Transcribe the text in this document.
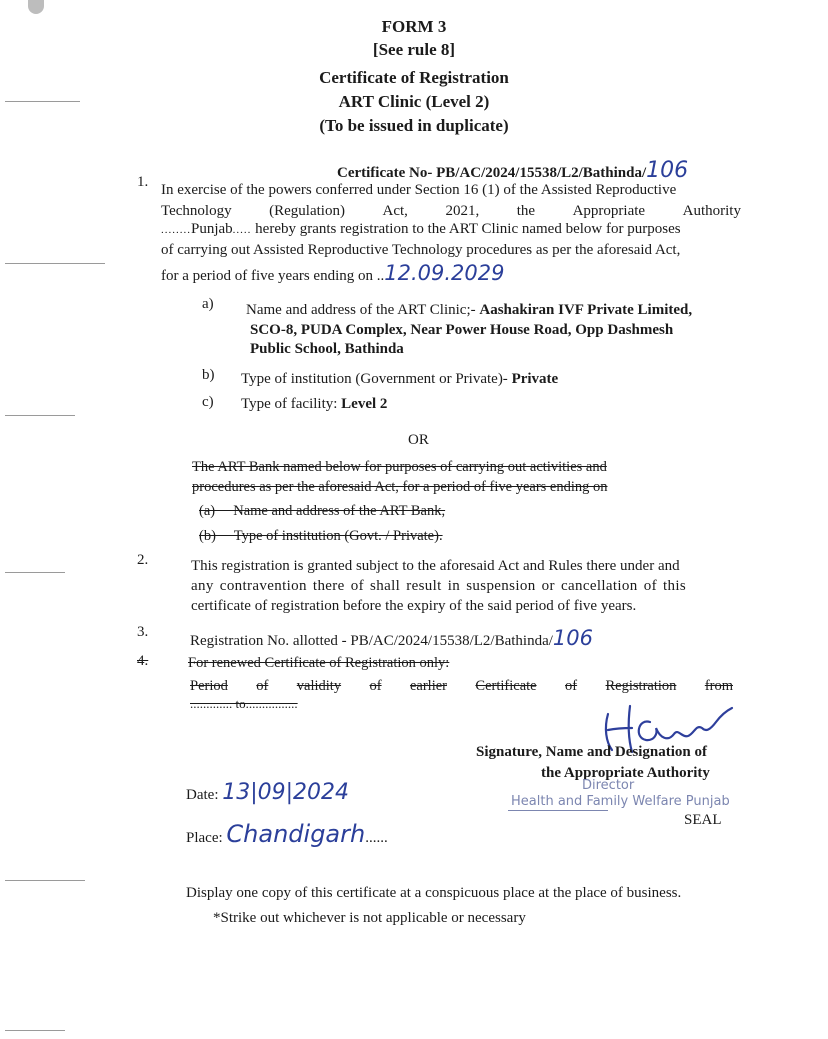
FORM 3
[See rule 8]
Certificate of Registration
ART Clinic (Level 2)
(To be issued in duplicate)
Certificate No- PB/AC/2024/15538/L2/Bathinda/106
1. In exercise of the powers conferred under Section 16 (1) of the Assisted Reproductive
Technology	(Regulation)	Act,	2021,	the	Appropriate	Authority
........Punjab..... hereby grants registration to the ART Clinic named below for purposes
of carrying out Assisted Reproductive Technology procedures as per the aforesaid Act,
for a period of five years ending on ..12.09.2029
a) Name and address of the ART Clinic;- Aashakiran IVF Private Limited,
SCO-8, PUDA Complex, Near Power House Road, Opp Dashmesh
Public School, Bathinda
b) Type of institution (Government or Private)- Private
c) Type of facility: Level 2
OR
The ART Bank named below for purposes of carrying out activities and
procedures as per the aforesaid Act, for a period of five years ending on
(a)     Name and address of the ART Bank,
(b)     Type of institution (Govt. / Private).
2.	This registration is granted subject to the aforesaid Act and Rules there under and
any contravention there of shall result in suspension or cancellation of this
certificate of registration before the expiry of the said period of five years.
3.
Registration No. allotted - PB/AC/2024/15538/L2/Bathinda/106
4.	For renewed Certificate of Registration only:
Period of validity of earlier Certificate of Registration from
............. to................
Signature, Name and Designation of
the Appropriate Authority
Director
Health and Family Welfare Punjab
SEAL
Date: 13|09|2024
Place: Chandigarh......
Display one copy of this certificate at a conspicuous place at the place of business.
*Strike out whichever is not applicable or necessary
